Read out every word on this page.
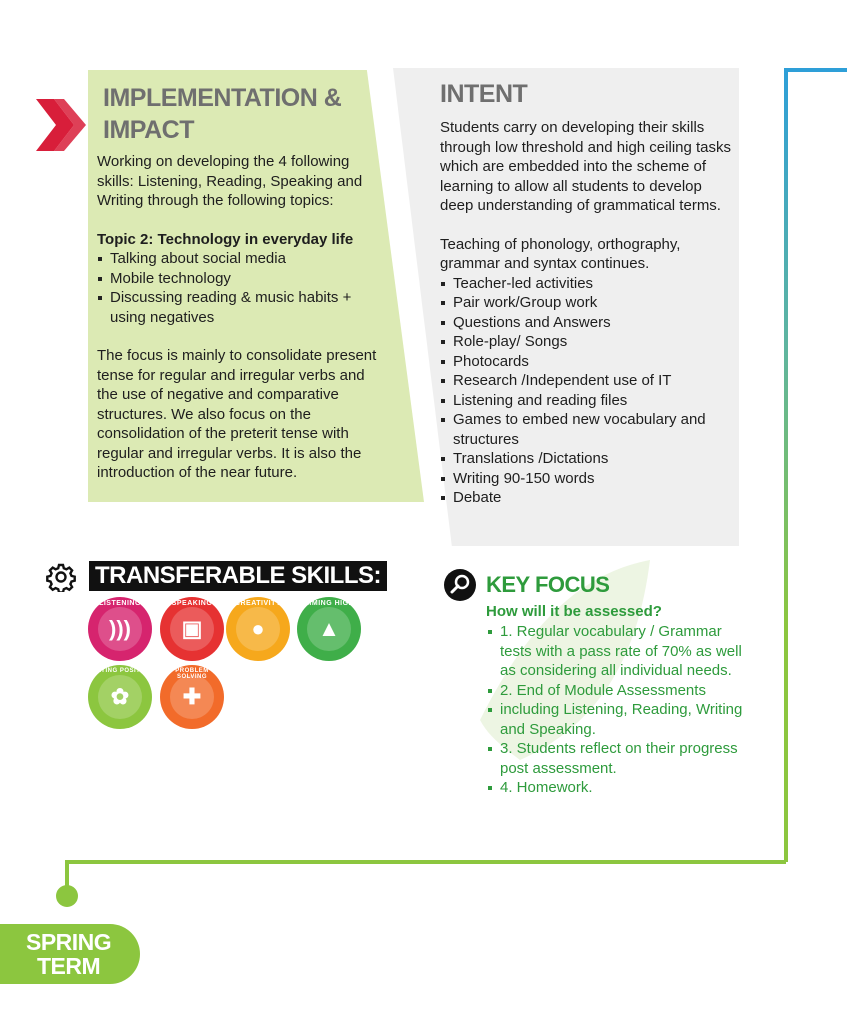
IMPLEMENTATION &
IMPACT
Working on developing the 4 following skills: Listening, Reading, Speaking and Writing through the following topics:
Topic 2: Technology in everyday life
Talking about social media
Mobile technology
Discussing reading & music habits + using negatives
The focus is mainly to consolidate present tense for regular and irregular verbs and the use of negative and comparative structures. We also focus on the consolidation of the preterit tense with regular and irregular verbs. It is also the introduction of the near future.
INTENT
Students carry on developing their skills through low threshold and high ceiling tasks which are embedded into the scheme of learning to allow all students to develop deep understanding of grammatical terms.
Teaching of phonology, orthography, grammar and syntax continues.
Teacher-led activities
Pair work/Group work
Questions and Answers
Role-play/ Songs
Photocards
Research /Independent use of IT
Listening and reading files
Games to embed new vocabulary and structures
Translations /Dictations
Writing 90-150 words
Debate
TRANSFERABLE SKILLS:
LISTENING
)))
SPEAKING
▣
CREATIVITY
●
AIMING HIGH
▲
STAYING POSITIVE
✿
PROBLEM SOLVING
✚
KEY FOCUS
How will it be assessed?
1. Regular vocabulary / Grammar tests with a pass rate of 70% as well as considering all individual needs.
2. End of Module Assessments
including Listening, Reading, Writing and Speaking.
3. Students reflect on their progress post assessment.
4. Homework.
SPRING
TERM
